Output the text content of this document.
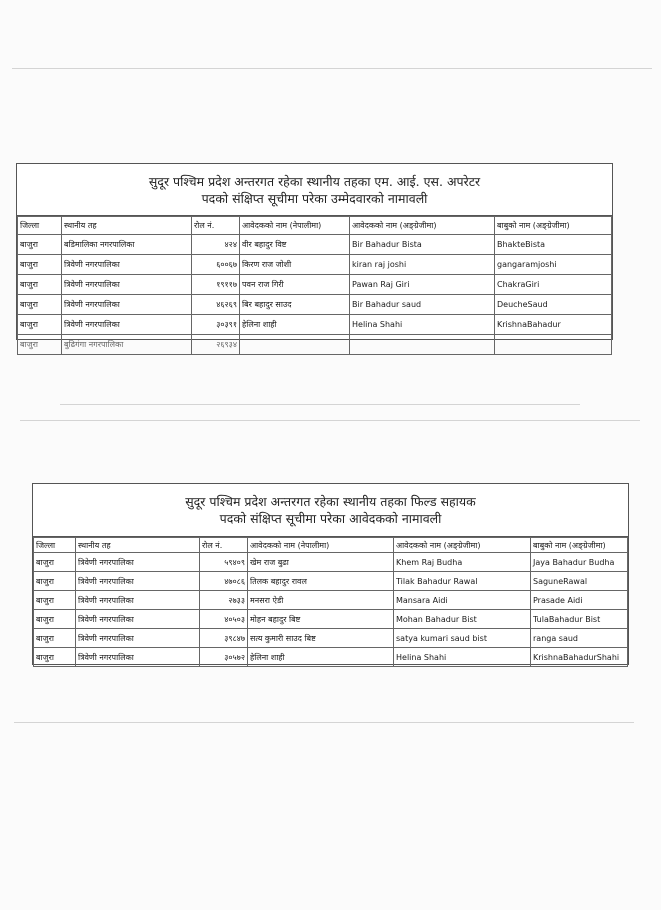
सुदूर पश्चिम प्रदेश अन्तरगत रहेका स्थानीय तहका एम. आई. एस. अपरेटर
पदको संक्षिप्त सूचीमा परेका उम्मेदवारको नामावली
जिल्ला	स्थानीय तह	रोल नं.	आवेदकको नाम (नेपालीमा)	आवेदकको नाम (अङ्ग्रेजीमा)	बाबुको नाम (अङ्ग्रेजीमा)
बाजुरा	बडिमालिका नगरपालिका	४२४	वीर बहादुर विष्ट	Bir Bahadur Bista	BhakteBista
बाजुरा	त्रिवेणी नगरपालिका	६००६७	किरण राज जोशी	kiran raj joshi	gangaramjoshi
बाजुरा	त्रिवेणी नगरपालिका	१९११७	पवन राज गिरी	Pawan Raj Giri	ChakraGiri
बाजुरा	त्रिवेणी नगरपालिका	४६२६९	बिर बहादुर साउद	Bir Bahadur saud	DeucheSaud
बाजुरा	त्रिवेणी नगरपालिका	३०३९१	हेलिना शाही	Helina Shahi	KrishnaBahadur
बाजुरा	बुढिगंगा नगरपालिका	२६९३४			
सुदूर पश्चिम प्रदेश अन्तरगत रहेका स्थानीय तहका फिल्ड सहायक
पदको संक्षिप्त सूचीमा परेका आवेदकको नामावली
जिल्ला	स्थानीय तह	रोल नं.	आवेदकको नाम (नेपालीमा)	आवेदकको नाम (अङ्ग्रेजीमा)	बाबुको नाम (अङ्ग्रेजीमा)
बाजुरा	त्रिवेणी नगरपालिका	५९४०९	खेम राज बुढा	Khem Raj Budha	Jaya Bahadur Budha
बाजुरा	त्रिवेणी नगरपालिका	४७०८६	तिलक बहादुर रावल	Tilak Bahadur Rawal	SaguneRawal
बाजुरा	त्रिवेणी नगरपालिका	२७३३	मनसरा ऐडी	Mansara Aidi	Prasade Aidi
बाजुरा	त्रिवेणी नगरपालिका	४०५०३	मोहन बहादुर बिष्ट	Mohan Bahadur Bist	TulaBahadur Bist
बाजुरा	त्रिवेणी नगरपालिका	३९८४७	सत्य कुमारी साउद बिष्ट	satya kumari saud bist	ranga saud
बाजुरा	त्रिवेणी नगरपालिका	३०५७२	हेलिना शाही	Helina Shahi	KrishnaBahadurShahi
